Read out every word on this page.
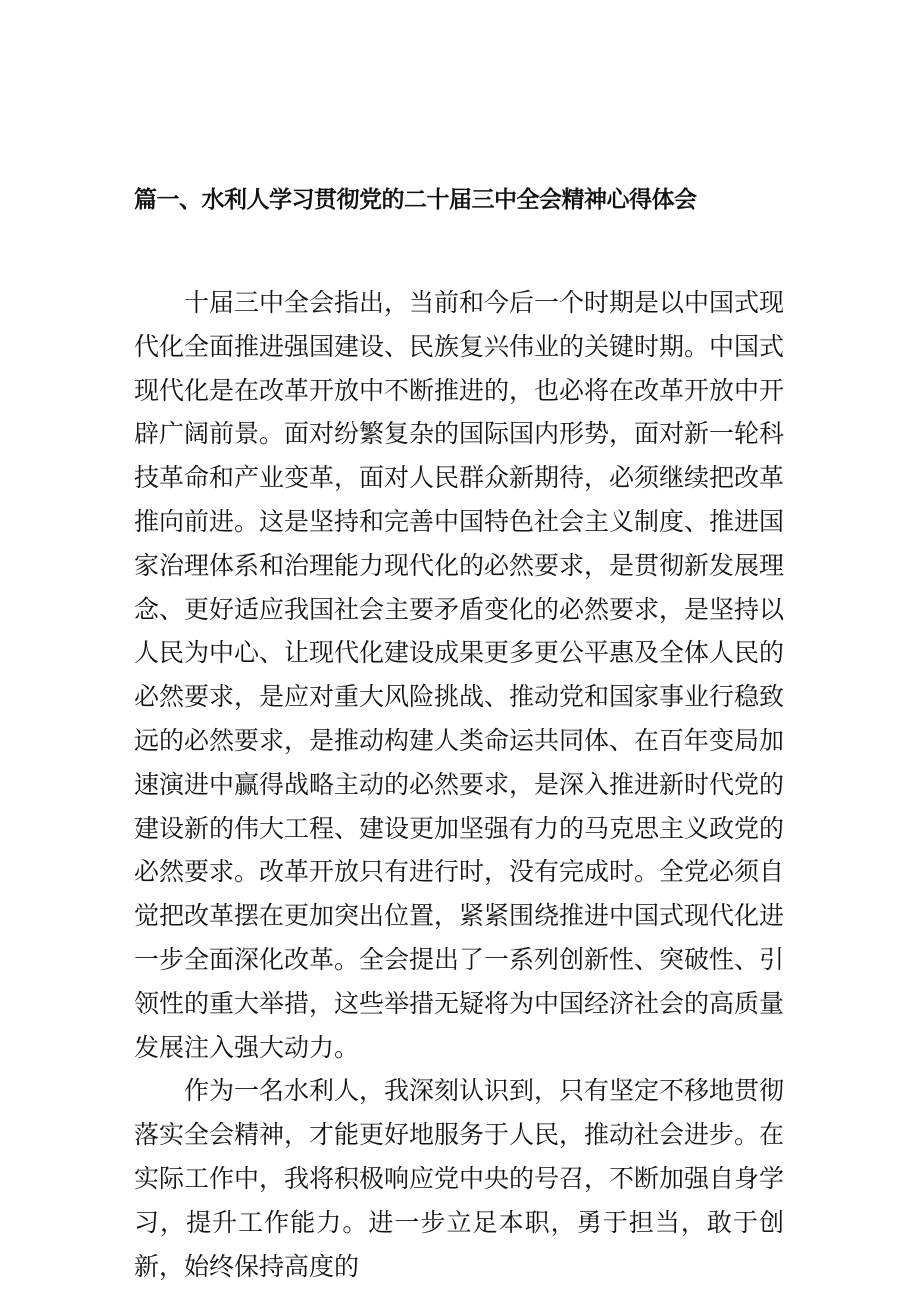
篇一、水利人学习贯彻党的二十届三中全会精神心得体会

十届三中全会指出，当前和今后一个时期是以中国式现代化全面推进强国建设、民族复兴伟业的关键时期。中国式现代化是在改革开放中不断推进的，也必将在改革开放中开辟广阔前景。面对纷繁复杂的国际国内形势，面对新一轮科技革命和产业变革，面对人民群众新期待，必须继续把改革推向前进。这是坚持和完善中国特色社会主义制度、推进国家治理体系和治理能力现代化的必然要求，是贯彻新发展理念、更好适应我国社会主要矛盾变化的必然要求，是坚持以人民为中心、让现代化建设成果更多更公平惠及全体人民的必然要求，是应对重大风险挑战、推动党和国家事业行稳致远的必然要求，是推动构建人类命运共同体、在百年变局加速演进中赢得战略主动的必然要求，是深入推进新时代党的建设新的伟大工程、建设更加坚强有力的马克思主义政党的必然要求。改革开放只有进行时，没有完成时。全党必须自觉把改革摆在更加突出位置，紧紧围绕推进中国式现代化进一步全面深化改革。全会提出了一系列创新性、突破性、引领性的重大举措，这些举措无疑将为中国经济社会的高质量发展注入强大动力。

作为一名水利人，我深刻认识到，只有坚定不移地贯彻落实全会精神，才能更好地服务于人民，推动社会进步。在实际工作中，我将积极响应党中央的号召，不断加强自身学习，提升工作能力。进一步立足本职，勇于担当，敢于创新，始终保持高度的
